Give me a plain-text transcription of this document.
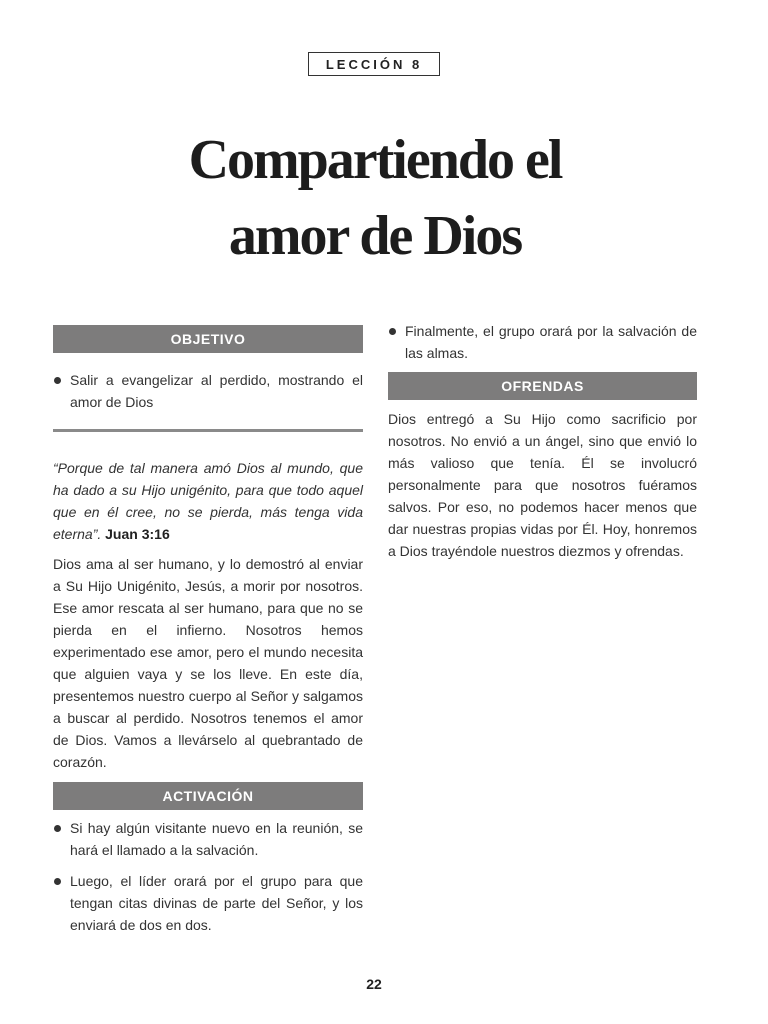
LECCIÓN 8
Compartiendo el
amor de Dios
OBJETIVO
Salir a evangelizar al perdido, mostrando el amor de Dios

“Porque de tal manera amó Dios al mundo, que ha dado a su Hijo unigénito, para que todo aquel que en él cree, no se pierda, más tenga vida eterna”. Juan 3:16

Dios ama al ser humano, y lo demostró al enviar a Su Hijo Unigénito, Jesús, a morir por nosotros. Ese amor rescata al ser humano, para que no se pierda en el infierno. Nosotros hemos experimentado ese amor, pero el mundo necesita que alguien vaya y se los lleve. En este día, presentemos nuestro cuerpo al Señor y salgamos a buscar al perdido. Nosotros tenemos el amor de Dios. Vamos a llevárselo al quebrantado de corazón.

ACTIVACIÓN
Si hay algún visitante nuevo en la reunión, se hará el llamado a la salvación.
Luego, el líder orará por el grupo para que tengan citas divinas de parte del Señor, y los enviará de dos en dos.
Finalmente, el grupo orará por la salvación de las almas.
OFRENDAS

Dios entregó a Su Hijo como sacrificio por nosotros. No envió a un ángel, sino que envió lo más valioso que tenía. Él se involucró personalmente para que nosotros fuéramos salvos. Por eso, no podemos hacer menos que dar nuestras propias vidas por Él. Hoy, honremos a Dios trayéndole nuestros diezmos y ofrendas.

22
